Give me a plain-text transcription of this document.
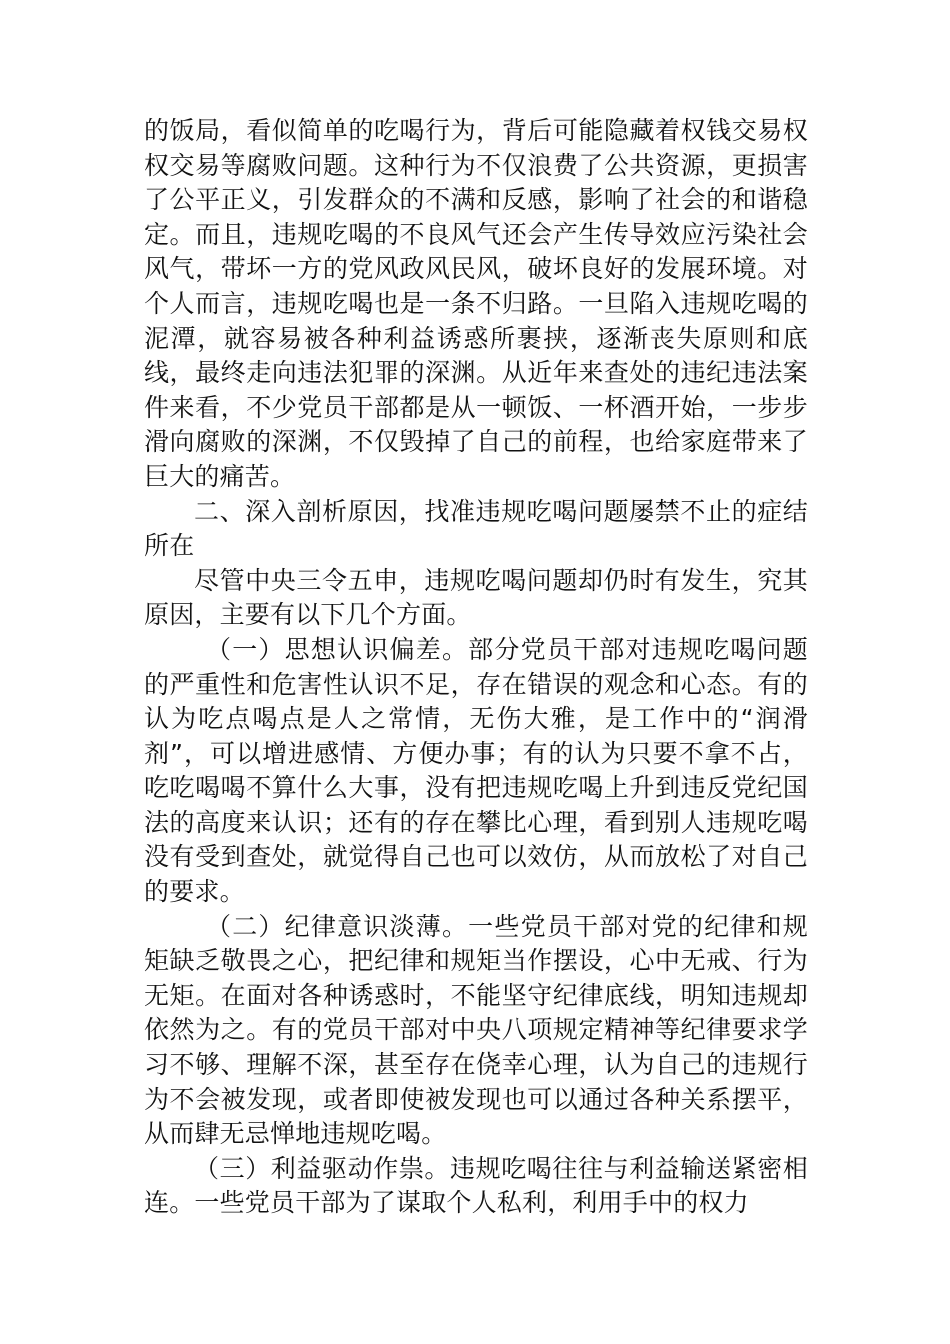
的饭局，看似简单的吃喝行为，背后可能隐藏着权钱交易权权交易等腐败问题。这种行为不仅浪费了公共资源，更损害了公平正义，引发群众的不满和反感，影响了社会的和谐稳定。而且，违规吃喝的不良风气还会产生传导效应污染社会风气，带坏一方的党风政风民风，破坏良好的发展环境。对个人而言，违规吃喝也是一条不归路。一旦陷入违规吃喝的泥潭，就容易被各种利益诱惑所裹挟，逐渐丧失原则和底线，最终走向违法犯罪的深渊。从近年来查处的违纪违法案件来看，不少党员干部都是从一顿饭、一杯酒开始，一步步滑向腐败的深渊，不仅毁掉了自己的前程，也给家庭带来了巨大的痛苦。

二、深入剖析原因，找准违规吃喝问题屡禁不止的症结所在

尽管中央三令五申，违规吃喝问题却仍时有发生，究其原因，主要有以下几个方面。

（一）思想认识偏差。部分党员干部对违规吃喝问题的严重性和危害性认识不足，存在错误的观念和心态。有的认为吃点喝点是人之常情，无伤大雅，是工作中的“润滑剂”，可以增进感情、方便办事；有的认为只要不拿不占，吃吃喝喝不算什么大事，没有把违规吃喝上升到违反党纪国法的高度来认识；还有的存在攀比心理，看到别人违规吃喝没有受到查处，就觉得自己也可以效仿，从而放松了对自己的要求。

（二）纪律意识淡薄。一些党员干部对党的纪律和规矩缺乏敬畏之心，把纪律和规矩当作摆设，心中无戒、行为无矩。在面对各种诱惑时，不能坚守纪律底线，明知违规却依然为之。有的党员干部对中央八项规定精神等纪律要求学习不够、理解不深，甚至存在侥幸心理，认为自己的违规行为不会被发现，或者即使被发现也可以通过各种关系摆平，从而肆无忌惮地违规吃喝。

（三）利益驱动作祟。违规吃喝往往与利益输送紧密相连。一些党员干部为了谋取个人私利，利用手中的权力
